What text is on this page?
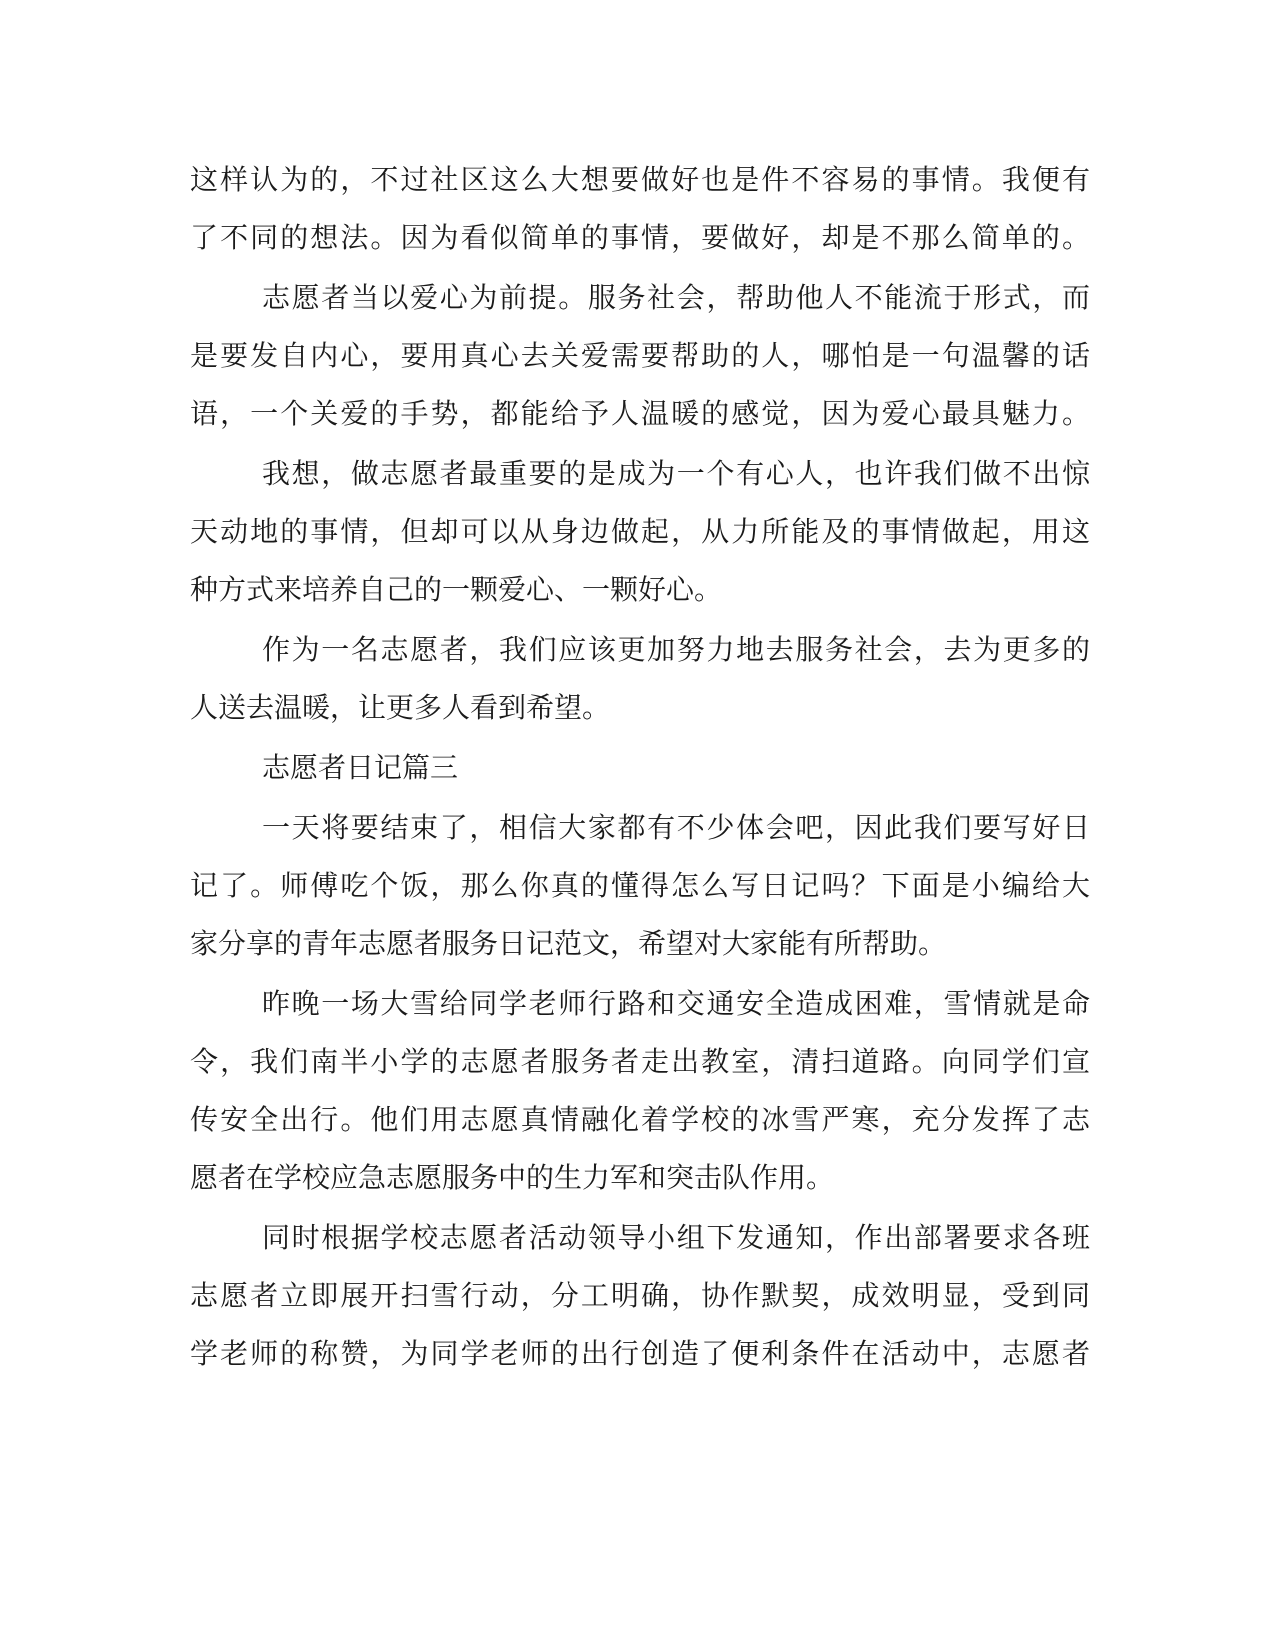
这样认为的，不过社区这么大想要做好也是件不容易的事情。我便有
了不同的想法。因为看似简单的事情，要做好，却是不那么简单的。
志愿者当以爱心为前提。服务社会，帮助他人不能流于形式，而
是要发自内心，要用真心去关爱需要帮助的人，哪怕是一句温馨的话
语，一个关爱的手势，都能给予人温暖的感觉，因为爱心最具魅力。
我想，做志愿者最重要的是成为一个有心人，也许我们做不出惊
天动地的事情，但却可以从身边做起，从力所能及的事情做起，用这
种方式来培养自己的一颗爱心、一颗好心。
作为一名志愿者，我们应该更加努力地去服务社会，去为更多的
人送去温暖，让更多人看到希望。
志愿者日记篇三
一天将要结束了，相信大家都有不少体会吧，因此我们要写好日
记了。师傅吃个饭，那么你真的懂得怎么写日记吗？下面是小编给大
家分享的青年志愿者服务日记范文，希望对大家能有所帮助。
昨晚一场大雪给同学老师行路和交通安全造成困难，雪情就是命
令，我们南半小学的志愿者服务者走出教室，清扫道路。向同学们宣
传安全出行。他们用志愿真情融化着学校的冰雪严寒，充分发挥了志
愿者在学校应急志愿服务中的生力军和突击队作用。
同时根据学校志愿者活动领导小组下发通知，作出部署要求各班
志愿者立即展开扫雪行动，分工明确，协作默契，成效明显，受到同
学老师的称赞，为同学老师的出行创造了便利条件在活动中，志愿者
